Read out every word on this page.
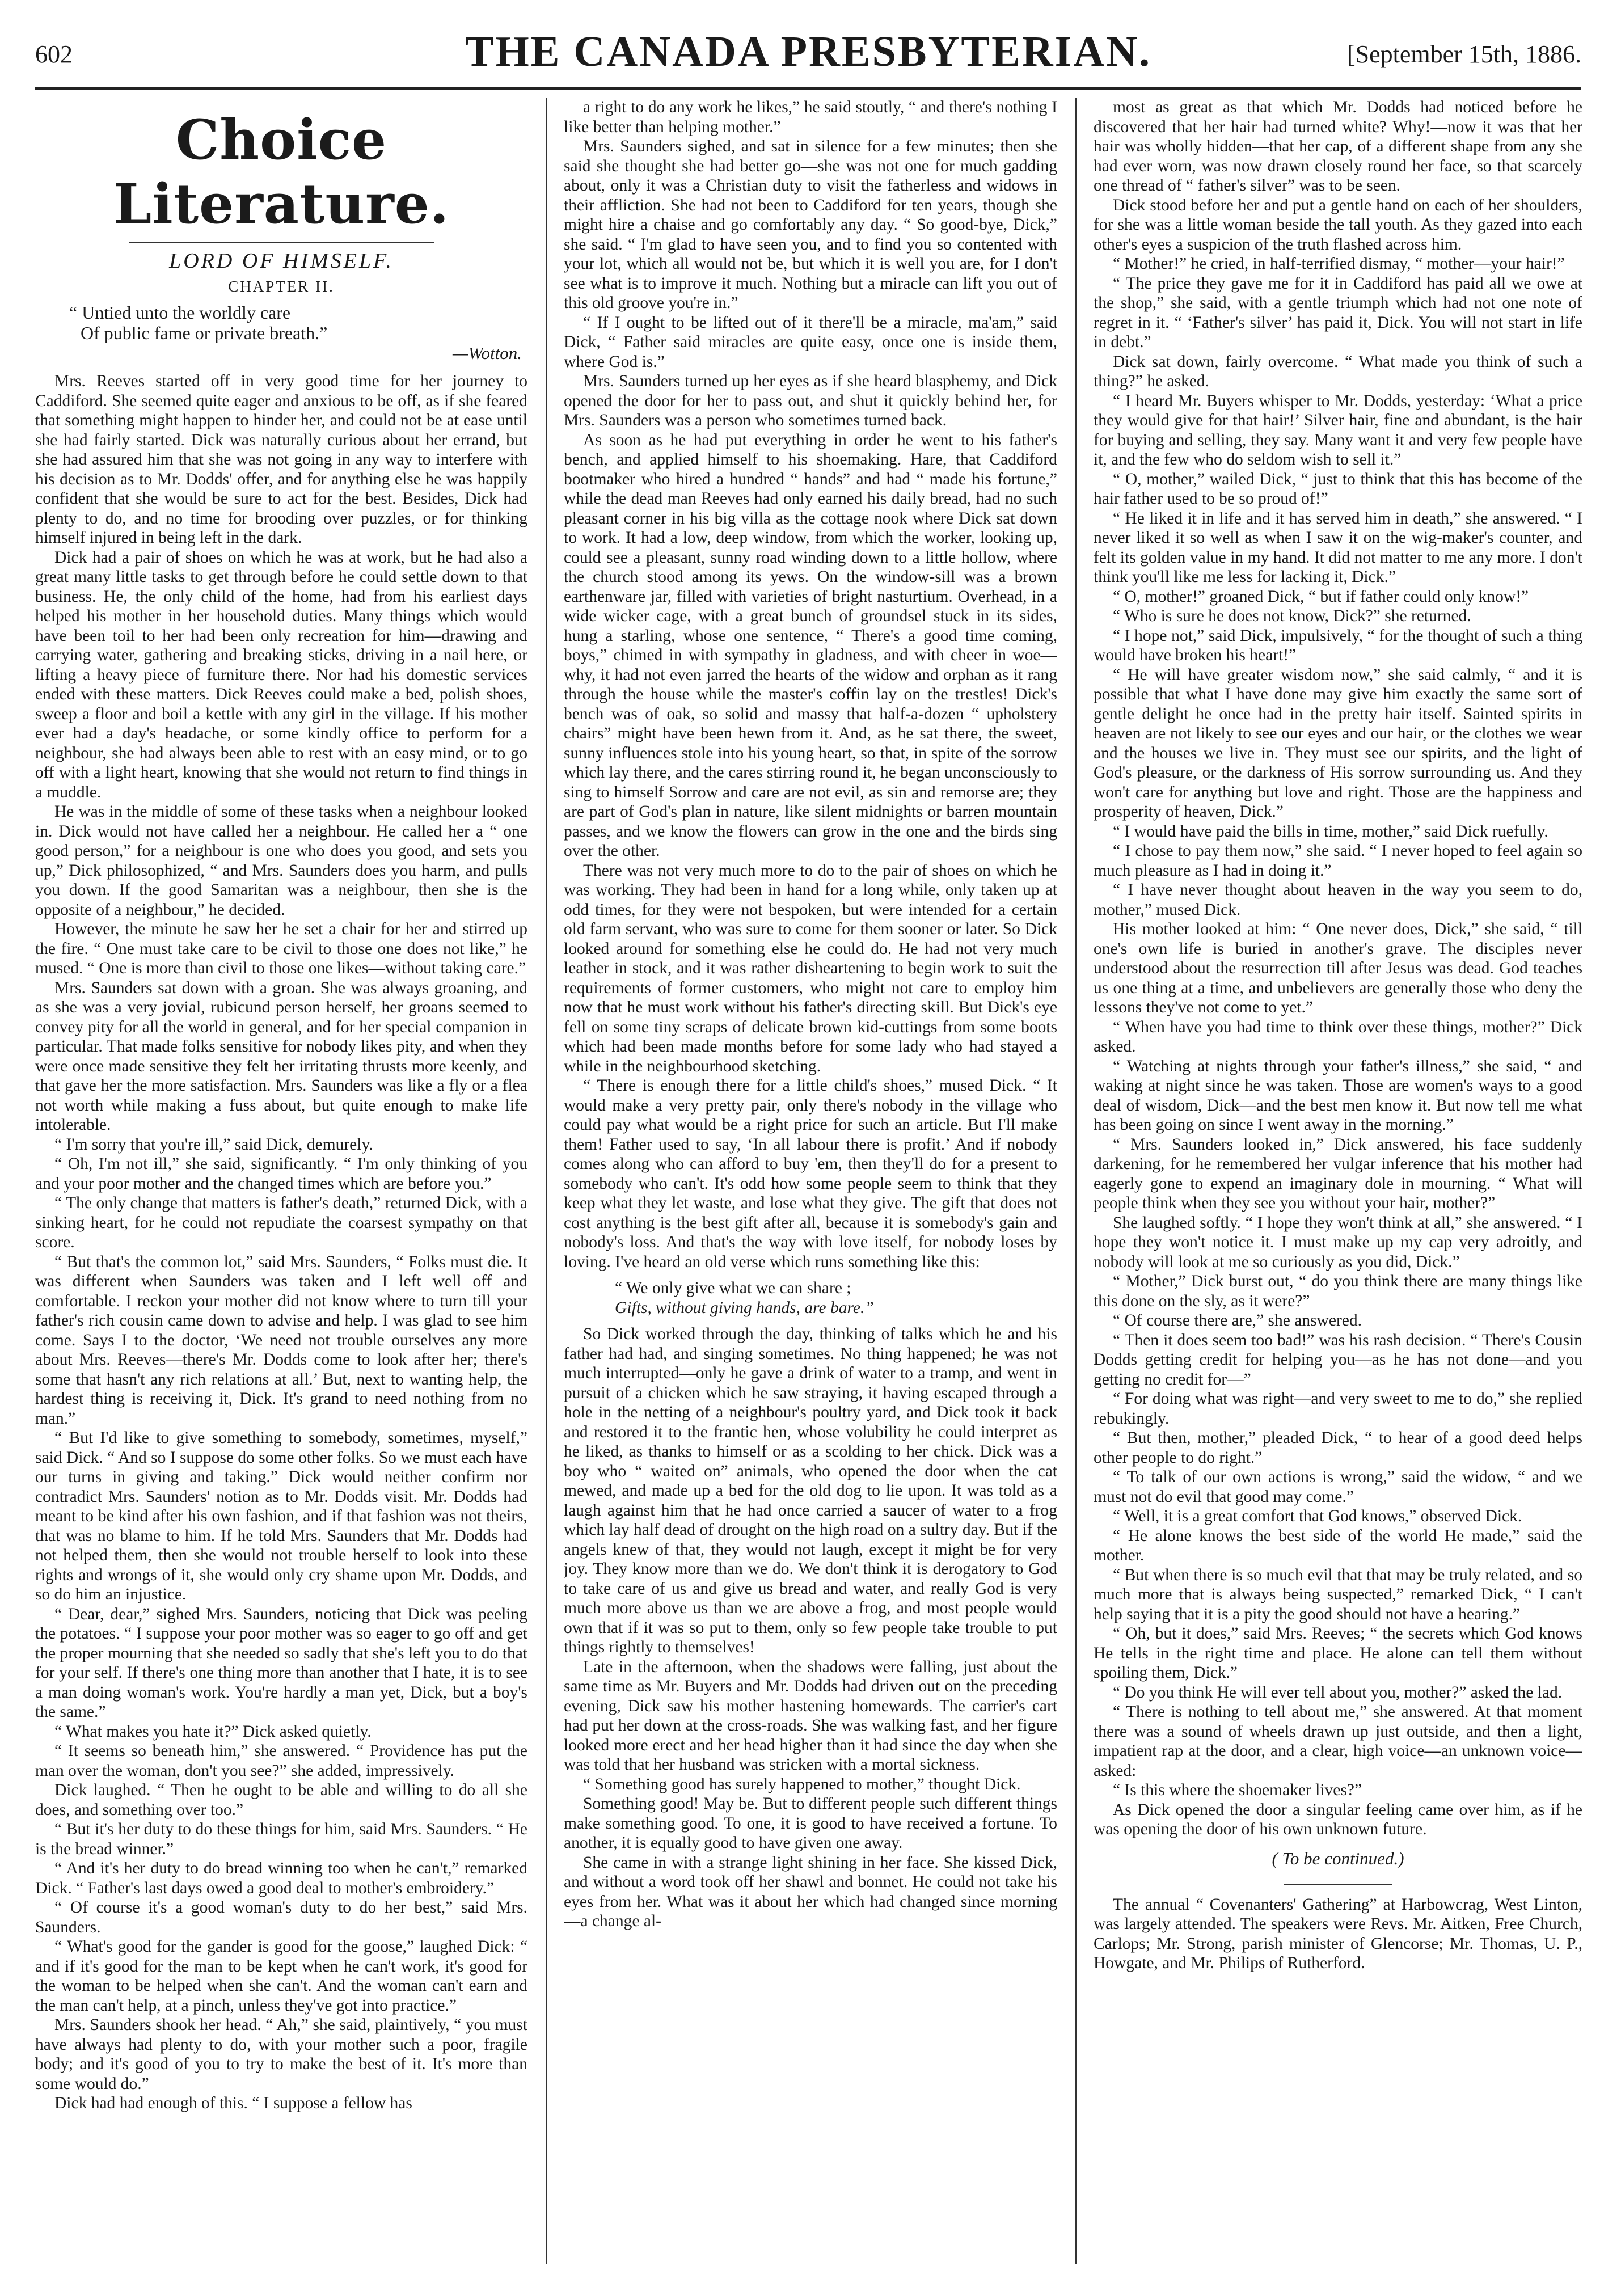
602	THE CANADA PRESBYTERIAN.	[September 15th, 1886.
Choice Literature.
LORD OF HIMSELF.
CHAPTER II.
“ Untied unto the worldly care
Of public fame or private breath.”
—Wotton.

Mrs. Reeves started off in very good time for her journey to Caddiford. She seemed quite eager and anxious to be off, as if she feared that something might happen to hinder her, and could not be at ease until she had fairly started. Dick was naturally curious about her errand, but she had assured him that she was not going in any way to interfere with his decision as to Mr. Dodds' offer, and for anything else he was happily confident that she would be sure to act for the best. Besides, Dick had plenty to do, and no time for brooding over puzzles, or for thinking himself injured in being left in the dark.

Dick had a pair of shoes on which he was at work, but he had also a great many little tasks to get through before he could settle down to that business. He, the only child of the home, had from his earliest days helped his mother in her household duties. Many things which would have been toil to her had been only recreation for him—drawing and carrying water, gathering and breaking sticks, driving in a nail here, or lifting a heavy piece of furniture there. Nor had his domestic services ended with these matters. Dick Reeves could make a bed, polish shoes, sweep a floor and boil a kettle with any girl in the village. If his mother ever had a day's headache, or some kindly office to perform for a neighbour, she had always been able to rest with an easy mind, or to go off with a light heart, knowing that she would not return to find things in a muddle.

He was in the middle of some of these tasks when a neighbour looked in. Dick would not have called her a neighbour. He called her a “ one good person,” for a neighbour is one who does you good, and sets you up,” Dick philosophized, “ and Mrs. Saunders does you harm, and pulls you down. If the good Samaritan was a neighbour, then she is the opposite of a neighbour,” he decided.

However, the minute he saw her he set a chair for her and stirred up the fire. “ One must take care to be civil to those one does not like,” he mused. “ One is more than civil to those one likes—without taking care.”

Mrs. Saunders sat down with a groan. She was always groaning, and as she was a very jovial, rubicund person herself, her groans seemed to convey pity for all the world in general, and for her special companion in particular. That made folks sensitive for nobody likes pity, and when they were once made sensitive they felt her irritating thrusts more keenly, and that gave her the more satisfaction. Mrs. Saunders was like a fly or a flea not worth while making a fuss about, but quite enough to make life intolerable.

“ I'm sorry that you're ill,” said Dick, demurely.

“ Oh, I'm not ill,” she said, significantly. “ I'm only thinking of you and your poor mother and the changed times which are before you.”

“ The only change that matters is father's death,” returned Dick, with a sinking heart, for he could not repudiate the coarsest sympathy on that score.

“ But that's the common lot,” said Mrs. Saunders, “ Folks must die. It was different when Saunders was taken and I left well off and comfortable. I reckon your mother did not know where to turn till your father's rich cousin came down to advise and help. I was glad to see him come. Says I to the doctor, ‘We need not trouble ourselves any more about Mrs. Reeves—there's Mr. Dodds come to look after her; there's some that hasn't any rich relations at all.’ But, next to wanting help, the hardest thing is receiving it, Dick. It's grand to need nothing from no man.”

“ But I'd like to give something to somebody, sometimes, myself,” said Dick. “ And so I suppose do some other folks. So we must each have our turns in giving and taking.” Dick would neither confirm nor contradict Mrs. Saunders' notion as to Mr. Dodds visit. Mr. Dodds had meant to be kind after his own fashion, and if that fashion was not theirs, that was no blame to him. If he told Mrs. Saunders that Mr. Dodds had not helped them, then she would not trouble herself to look into these rights and wrongs of it, she would only cry shame upon Mr. Dodds, and so do him an injustice.

“ Dear, dear,” sighed Mrs. Saunders, noticing that Dick was peeling the potatoes. “ I suppose your poor mother was so eager to go off and get the proper mourning that she needed so sadly that she's left you to do that for your self. If there's one thing more than another that I hate, it is to see a man doing woman's work. You're hardly a man yet, Dick, but a boy's the same.”

“ What makes you hate it?” Dick asked quietly.

“ It seems so beneath him,” she answered. “ Providence has put the man over the woman, don't you see?” she added, impressively.

Dick laughed. “ Then he ought to be able and willing to do all she does, and something over too.”

“ But it's her duty to do these things for him, said Mrs. Saunders. “ He is the bread winner.”

“ And it's her duty to do bread winning too when he can't,” remarked Dick. “ Father's last days owed a good deal to mother's embroidery.”

“ Of course it's a good woman's duty to do her best,” said Mrs. Saunders.

“ What's good for the gander is good for the goose,” laughed Dick: “ and if it's good for the man to be kept when he can't work, it's good for the woman to be helped when she can't. And the woman can't earn and the man can't help, at a pinch, unless they've got into practice.”

Mrs. Saunders shook her head. “ Ah,” she said, plaintively, “ you must have always had plenty to do, with your mother such a poor, fragile body; and it's good of you to try to make the best of it. It's more than some would do.”

Dick had had enough of this. “ I suppose a fellow has

a right to do any work he likes,” he said stoutly, “ and there's nothing I like better than helping mother.”

Mrs. Saunders sighed, and sat in silence for a few minutes; then she said she thought she had better go—she was not one for much gadding about, only it was a Christian duty to visit the fatherless and widows in their affliction. She had not been to Caddiford for ten years, though she might hire a chaise and go comfortably any day. “ So good-bye, Dick,” she said. “ I'm glad to have seen you, and to find you so contented with your lot, which all would not be, but which it is well you are, for I don't see what is to improve it much. Nothing but a miracle can lift you out of this old groove you're in.”

“ If I ought to be lifted out of it there'll be a miracle, ma'am,” said Dick, “ Father said miracles are quite easy, once one is inside them, where God is.”

Mrs. Saunders turned up her eyes as if she heard blasphemy, and Dick opened the door for her to pass out, and shut it quickly behind her, for Mrs. Saunders was a person who sometimes turned back.

As soon as he had put everything in order he went to his father's bench, and applied himself to his shoemaking. Hare, that Caddiford bootmaker who hired a hundred “ hands” and had “ made his fortune,” while the dead man Reeves had only earned his daily bread, had no such pleasant corner in his big villa as the cottage nook where Dick sat down to work. It had a low, deep window, from which the worker, looking up, could see a pleasant, sunny road winding down to a little hollow, where the church stood among its yews. On the window-sill was a brown earthenware jar, filled with varieties of bright nasturtium. Overhead, in a wide wicker cage, with a great bunch of groundsel stuck in its sides, hung a starling, whose one sentence, “ There's a good time coming, boys,” chimed in with sympathy in gladness, and with cheer in woe—why, it had not even jarred the hearts of the widow and orphan as it rang through the house while the master's coffin lay on the trestles! Dick's bench was of oak, so solid and massy that half-a-dozen “ upholstery chairs” might have been hewn from it. And, as he sat there, the sweet, sunny influences stole into his young heart, so that, in spite of the sorrow which lay there, and the cares stirring round it, he began unconsciously to sing to himself Sorrow and care are not evil, as sin and remorse are; they are part of God's plan in nature, like silent midnights or barren mountain passes, and we know the flowers can grow in the one and the birds sing over the other.

There was not very much more to do to the pair of shoes on which he was working. They had been in hand for a long while, only taken up at odd times, for they were not bespoken, but were intended for a certain old farm servant, who was sure to come for them sooner or later. So Dick looked around for something else he could do. He had not very much leather in stock, and it was rather disheartening to begin work to suit the requirements of former customers, who might not care to employ him now that he must work without his father's directing skill. But Dick's eye fell on some tiny scraps of delicate brown kid-cuttings from some boots which had been made months before for some lady who had stayed a while in the neighbourhood sketching.

“ There is enough there for a little child's shoes,” mused Dick. “ It would make a very pretty pair, only there's nobody in the village who could pay what would be a right price for such an article. But I'll make them! Father used to say, ‘In all labour there is profit.’ And if nobody comes along who can afford to buy 'em, then they'll do for a present to somebody who can't. It's odd how some people seem to think that they keep what they let waste, and lose what they give. The gift that does not cost anything is the best gift after all, because it is somebody's gain and nobody's loss. And that's the way with love itself, for nobody loses by loving. I've heard an old verse which runs something like this:

“ We only give what we can share ;
Gifts, without giving hands, are bare.”

So Dick worked through the day, thinking of talks which he and his father had had, and singing sometimes. No thing happened; he was not much interrupted—only he gave a drink of water to a tramp, and went in pursuit of a chicken which he saw straying, it having escaped through a hole in the netting of a neighbour's poultry yard, and Dick took it back and restored it to the frantic hen, whose volubility he could interpret as he liked, as thanks to himself or as a scolding to her chick. Dick was a boy who “ waited on” animals, who opened the door when the cat mewed, and made up a bed for the old dog to lie upon. It was told as a laugh against him that he had once carried a saucer of water to a frog which lay half dead of drought on the high road on a sultry day. But if the angels knew of that, they would not laugh, except it might be for very joy. They know more than we do. We don't think it is derogatory to God to take care of us and give us bread and water, and really God is very much more above us than we are above a frog, and most people would own that if it was so put to them, only so few people take trouble to put things rightly to themselves!

Late in the afternoon, when the shadows were falling, just about the same time as Mr. Buyers and Mr. Dodds had driven out on the preceding evening, Dick saw his mother hastening homewards. The carrier's cart had put her down at the cross-roads. She was walking fast, and her figure looked more erect and her head higher than it had since the day when she was told that her husband was stricken with a mortal sickness.

“ Something good has surely happened to mother,” thought Dick.

Something good! May be. But to different people such different things make something good. To one, it is good to have received a fortune. To another, it is equally good to have given one away.

She came in with a strange light shining in her face. She kissed Dick, and without a word took off her shawl and bonnet. He could not take his eyes from her. What was it about her which had changed since morning—a change al-

most as great as that which Mr. Dodds had noticed before he discovered that her hair had turned white? Why!—now it was that her hair was wholly hidden—that her cap, of a different shape from any she had ever worn, was now drawn closely round her face, so that scarcely one thread of “ father's silver” was to be seen.

Dick stood before her and put a gentle hand on each of her shoulders, for she was a little woman beside the tall youth. As they gazed into each other's eyes a suspicion of the truth flashed across him.

“ Mother!” he cried, in half-terrified dismay, “ mother—your hair!”

“ The price they gave me for it in Caddiford has paid all we owe at the shop,” she said, with a gentle triumph which had not one note of regret in it. “ ‘Father's silver’ has paid it, Dick. You will not start in life in debt.”

Dick sat down, fairly overcome. “ What made you think of such a thing?” he asked.

“ I heard Mr. Buyers whisper to Mr. Dodds, yesterday: ‘What a price they would give for that hair!’ Silver hair, fine and abundant, is the hair for buying and selling, they say. Many want it and very few people have it, and the few who do seldom wish to sell it.”

“ O, mother,” wailed Dick, “ just to think that this has become of the hair father used to be so proud of!”

“ He liked it in life and it has served him in death,” she answered. “ I never liked it so well as when I saw it on the wig-maker's counter, and felt its golden value in my hand. It did not matter to me any more. I don't think you'll like me less for lacking it, Dick.”

“ O, mother!” groaned Dick, “ but if father could only know!”

“ Who is sure he does not know, Dick?” she returned.

“ I hope not,” said Dick, impulsively, “ for the thought of such a thing would have broken his heart!”

“ He will have greater wisdom now,” she said calmly, “ and it is possible that what I have done may give him exactly the same sort of gentle delight he once had in the pretty hair itself. Sainted spirits in heaven are not likely to see our eyes and our hair, or the clothes we wear and the houses we live in. They must see our spirits, and the light of God's pleasure, or the darkness of His sorrow surrounding us. And they won't care for anything but love and right. Those are the happiness and prosperity of heaven, Dick.”

“ I would have paid the bills in time, mother,” said Dick ruefully.

“ I chose to pay them now,” she said. “ I never hoped to feel again so much pleasure as I had in doing it.”

“ I have never thought about heaven in the way you seem to do, mother,” mused Dick.

His mother looked at him: “ One never does, Dick,” she said, “ till one's own life is buried in another's grave. The disciples never understood about the resurrection till after Jesus was dead. God teaches us one thing at a time, and unbelievers are generally those who deny the lessons they've not come to yet.”

“ When have you had time to think over these things, mother?” Dick asked.

“ Watching at nights through your father's illness,” she said, “ and waking at night since he was taken. Those are women's ways to a good deal of wisdom, Dick—and the best men know it. But now tell me what has been going on since I went away in the morning.”

“ Mrs. Saunders looked in,” Dick answered, his face suddenly darkening, for he remembered her vulgar inference that his mother had eagerly gone to expend an imaginary dole in mourning. “ What will people think when they see you without your hair, mother?”

She laughed softly. “ I hope they won't think at all,” she answered. “ I hope they won't notice it. I must make up my cap very adroitly, and nobody will look at me so curiously as you did, Dick.”

“ Mother,” Dick burst out, “ do you think there are many things like this done on the sly, as it were?”

“ Of course there are,” she answered.

“ Then it does seem too bad!” was his rash decision. “ There's Cousin Dodds getting credit for helping you—as he has not done—and you getting no credit for—”

“ For doing what was right—and very sweet to me to do,” she replied rebukingly.

“ But then, mother,” pleaded Dick, “ to hear of a good deed helps other people to do right.”

“ To talk of our own actions is wrong,” said the widow, “ and we must not do evil that good may come.”

“ Well, it is a great comfort that God knows,” observed Dick.

“ He alone knows the best side of the world He made,” said the mother.

“ But when there is so much evil that that may be truly related, and so much more that is always being suspected,” remarked Dick, “ I can't help saying that it is a pity the good should not have a hearing.”

“ Oh, but it does,” said Mrs. Reeves; “ the secrets which God knows He tells in the right time and place. He alone can tell them without spoiling them, Dick.”

“ Do you think He will ever tell about you, mother?” asked the lad.

“ There is nothing to tell about me,” she answered. At that moment there was a sound of wheels drawn up just outside, and then a light, impatient rap at the door, and a clear, high voice—an unknown voice—asked:

“ Is this where the shoemaker lives?”

As Dick opened the door a singular feeling came over him, as if he was opening the door of his own unknown future.

( To be continued.)

The annual “ Covenanters' Gathering” at Harbowcrag, West Linton, was largely attended. The speakers were Revs. Mr. Aitken, Free Church, Carlops; Mr. Strong, parish minister of Glencorse; Mr. Thomas, U. P., Howgate, and Mr. Philips of Rutherford.
